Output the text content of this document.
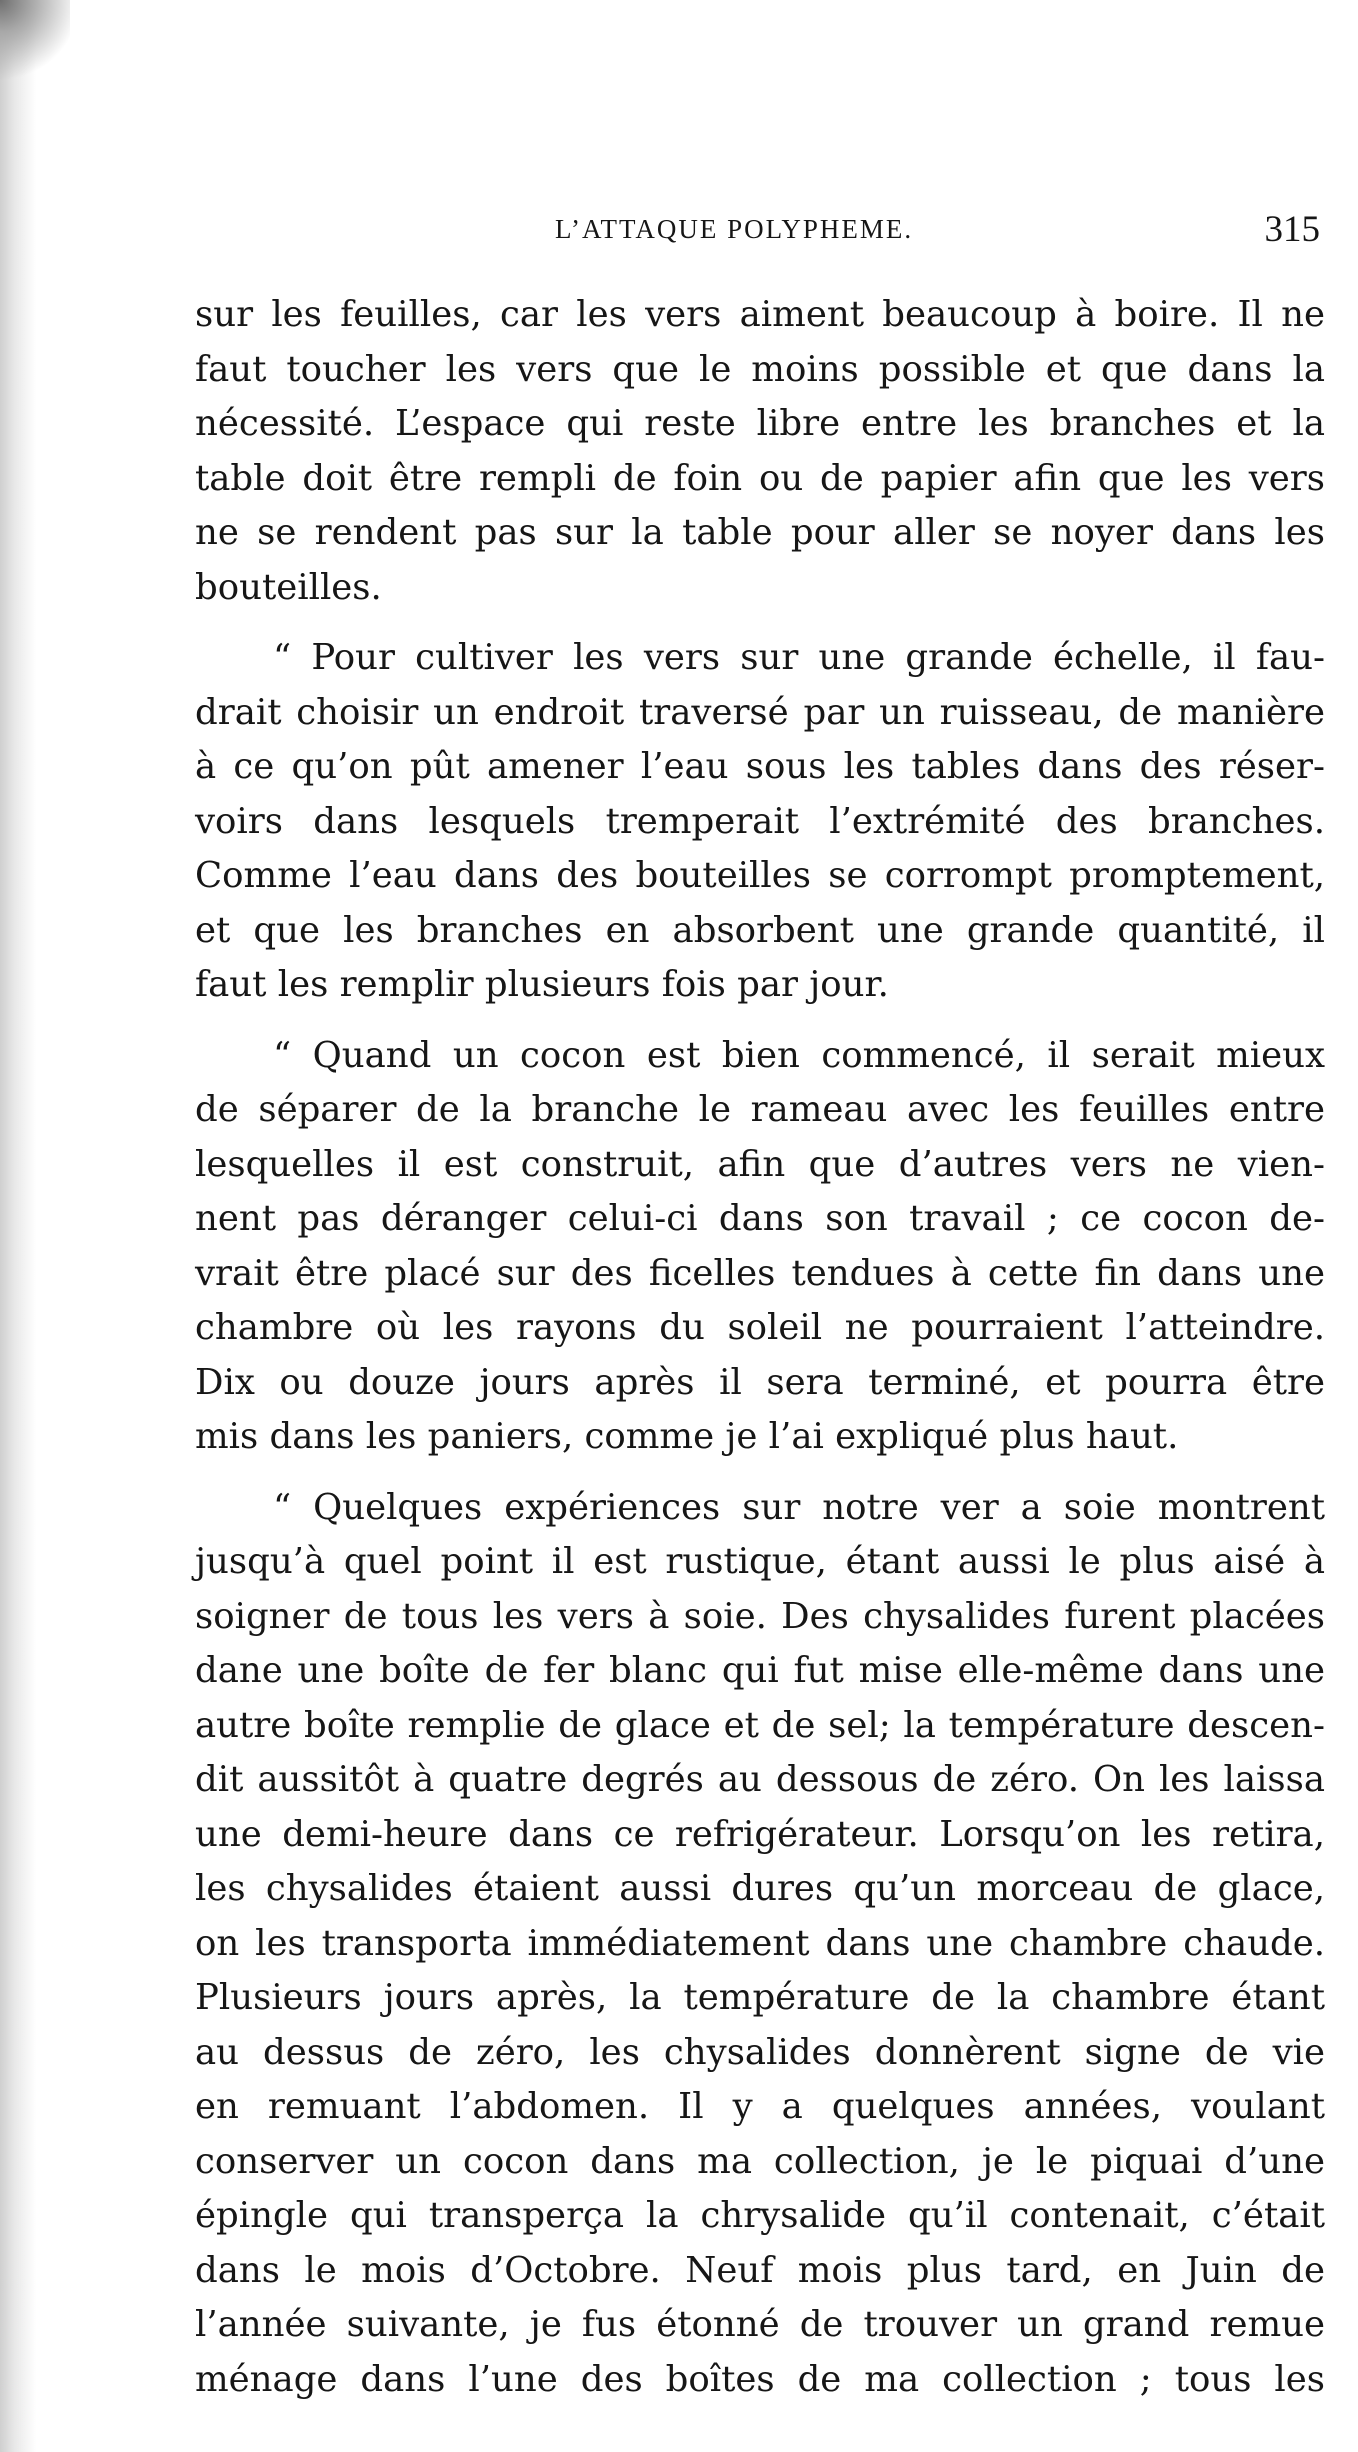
L’ATTAQUE POLYPHEME.	315

sur les feuilles, car les vers aiment beaucoup à boire. Il ne
faut toucher les vers que le moins possible et que dans la
nécessité. L’espace qui reste libre entre les branches et la
table doit être rempli de foin ou de papier afin que les vers
ne se rendent pas sur la table pour aller se noyer dans les
bouteilles.

“ Pour cultiver les vers sur une grande échelle, il fau-
drait choisir un endroit traversé par un ruisseau, de manière
à ce qu’on pût amener l’eau sous les tables dans des réser-
voirs dans lesquels tremperait l’extrémité des branches.
Comme l’eau dans des bouteilles se corrompt promptement,
et que les branches en absorbent une grande quantité, il
faut les remplir plusieurs fois par jour.

“ Quand un cocon est bien commencé, il serait mieux
de séparer de la branche le rameau avec les feuilles entre
lesquelles il est construit, afin que d’autres vers ne vien-
nent pas déranger celui-ci dans son travail ; ce cocon de-
vrait être placé sur des ficelles tendues à cette fin dans une
chambre où les rayons du soleil ne pourraient l’atteindre.
Dix ou douze jours après il sera terminé, et pourra être
mis dans les paniers, comme je l’ai expliqué plus haut.

“ Quelques expériences sur notre ver a soie montrent
jusqu’à quel point il est rustique, étant aussi le plus aisé à
soigner de tous les vers à soie. Des chysalides furent placées
dane une boîte de fer blanc qui fut mise elle-même dans une
autre boîte remplie de glace et de sel; la température descen-
dit aussitôt à quatre degrés au dessous de zéro. On les laissa
une demi-heure dans ce refrigérateur. Lorsqu’on les retira,
les chysalides étaient aussi dures qu’un morceau de glace,
on les transporta immédiatement dans une chambre chaude.
Plusieurs jours après, la température de la chambre étant
au dessus de zéro, les chysalides donnèrent signe de vie
en remuant l’abdomen. Il y a quelques années, voulant
conserver un cocon dans ma collection, je le piquai d’une
épingle qui transperça la chrysalide qu’il contenait, c’était
dans le mois d’Octobre. Neuf mois plus tard, en Juin de
l’année suivante, je fus étonné de trouver un grand remue
ménage dans l’une des boîtes de ma collection ; tous les
